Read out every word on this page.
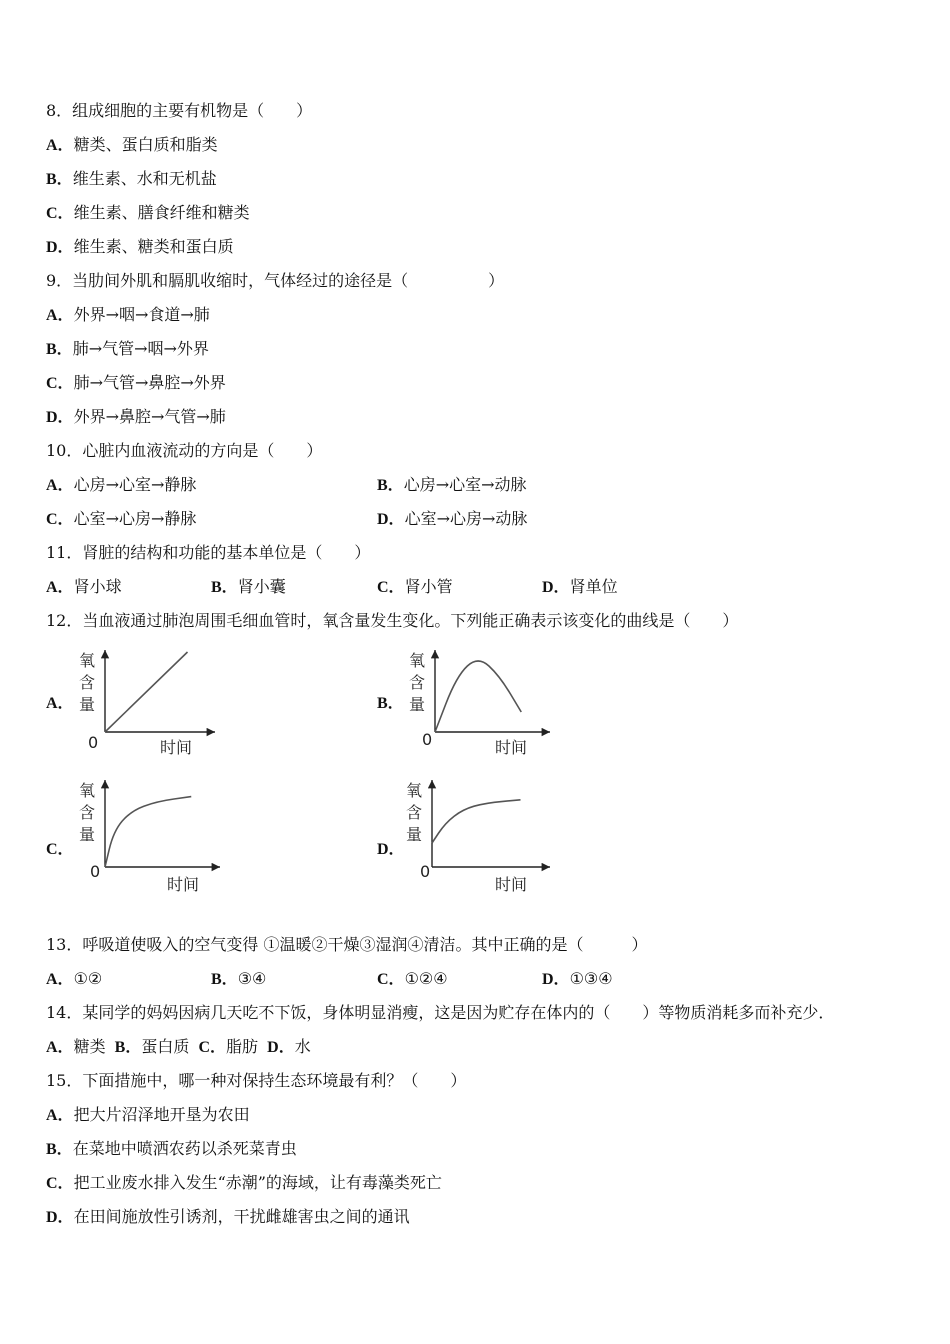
8．组成细胞的主要有机物是（　　）
A．糖类、蛋白质和脂类
B．维生素、水和无机盐
C．维生素、膳食纤维和糖类
D．维生素、糖类和蛋白质
9．当肋间外肌和膈肌收缩时，气体经过的途径是（　　　　　）
A．外界→咽→食道→肺
B．肺→气管→咽→外界
C．肺→气管→鼻腔→外界
D．外界→鼻腔→气管→肺
10．心脏内血液流动的方向是（　　）
A．心房→心室→静脉	B．心房→心室→动脉
C．心室→心房→静脉	D．心室→心房→动脉
11．肾脏的结构和功能的基本单位是（　　）
A．肾小球	B．肾小囊	C．肾小管	D．肾单位
12．当血液通过肺泡周围毛细血管时，氧含量发生变化。下列能正确表示该变化的曲线是（　　）
A．	B．
C．	D．
氧
含
量
0	时间
氧
含
量
0	时间
氧
含
量
0
时间
氧
含
量
0
时间
13．呼吸道使吸入的空气变得 ①温暖②干燥③湿润④清洁。其中正确的是（　　　）
A．①②	B．③④	C．①②④	D．①③④
14．某同学的妈妈因病几天吃不下饭，身体明显消瘦，这是因为贮存在体内的（　　）等物质消耗多而补充少．
A．糖类 B．蛋白质 C．脂肪 D．水
15．下面措施中，哪一种对保持生态环境最有利？（　　）
A．把大片沼泽地开垦为农田
B．在菜地中喷洒农药以杀死菜青虫
C．把工业废水排入发生“赤潮”的海域，让有毒藻类死亡
D．在田间施放性引诱剂，干扰雌雄害虫之间的通讯
